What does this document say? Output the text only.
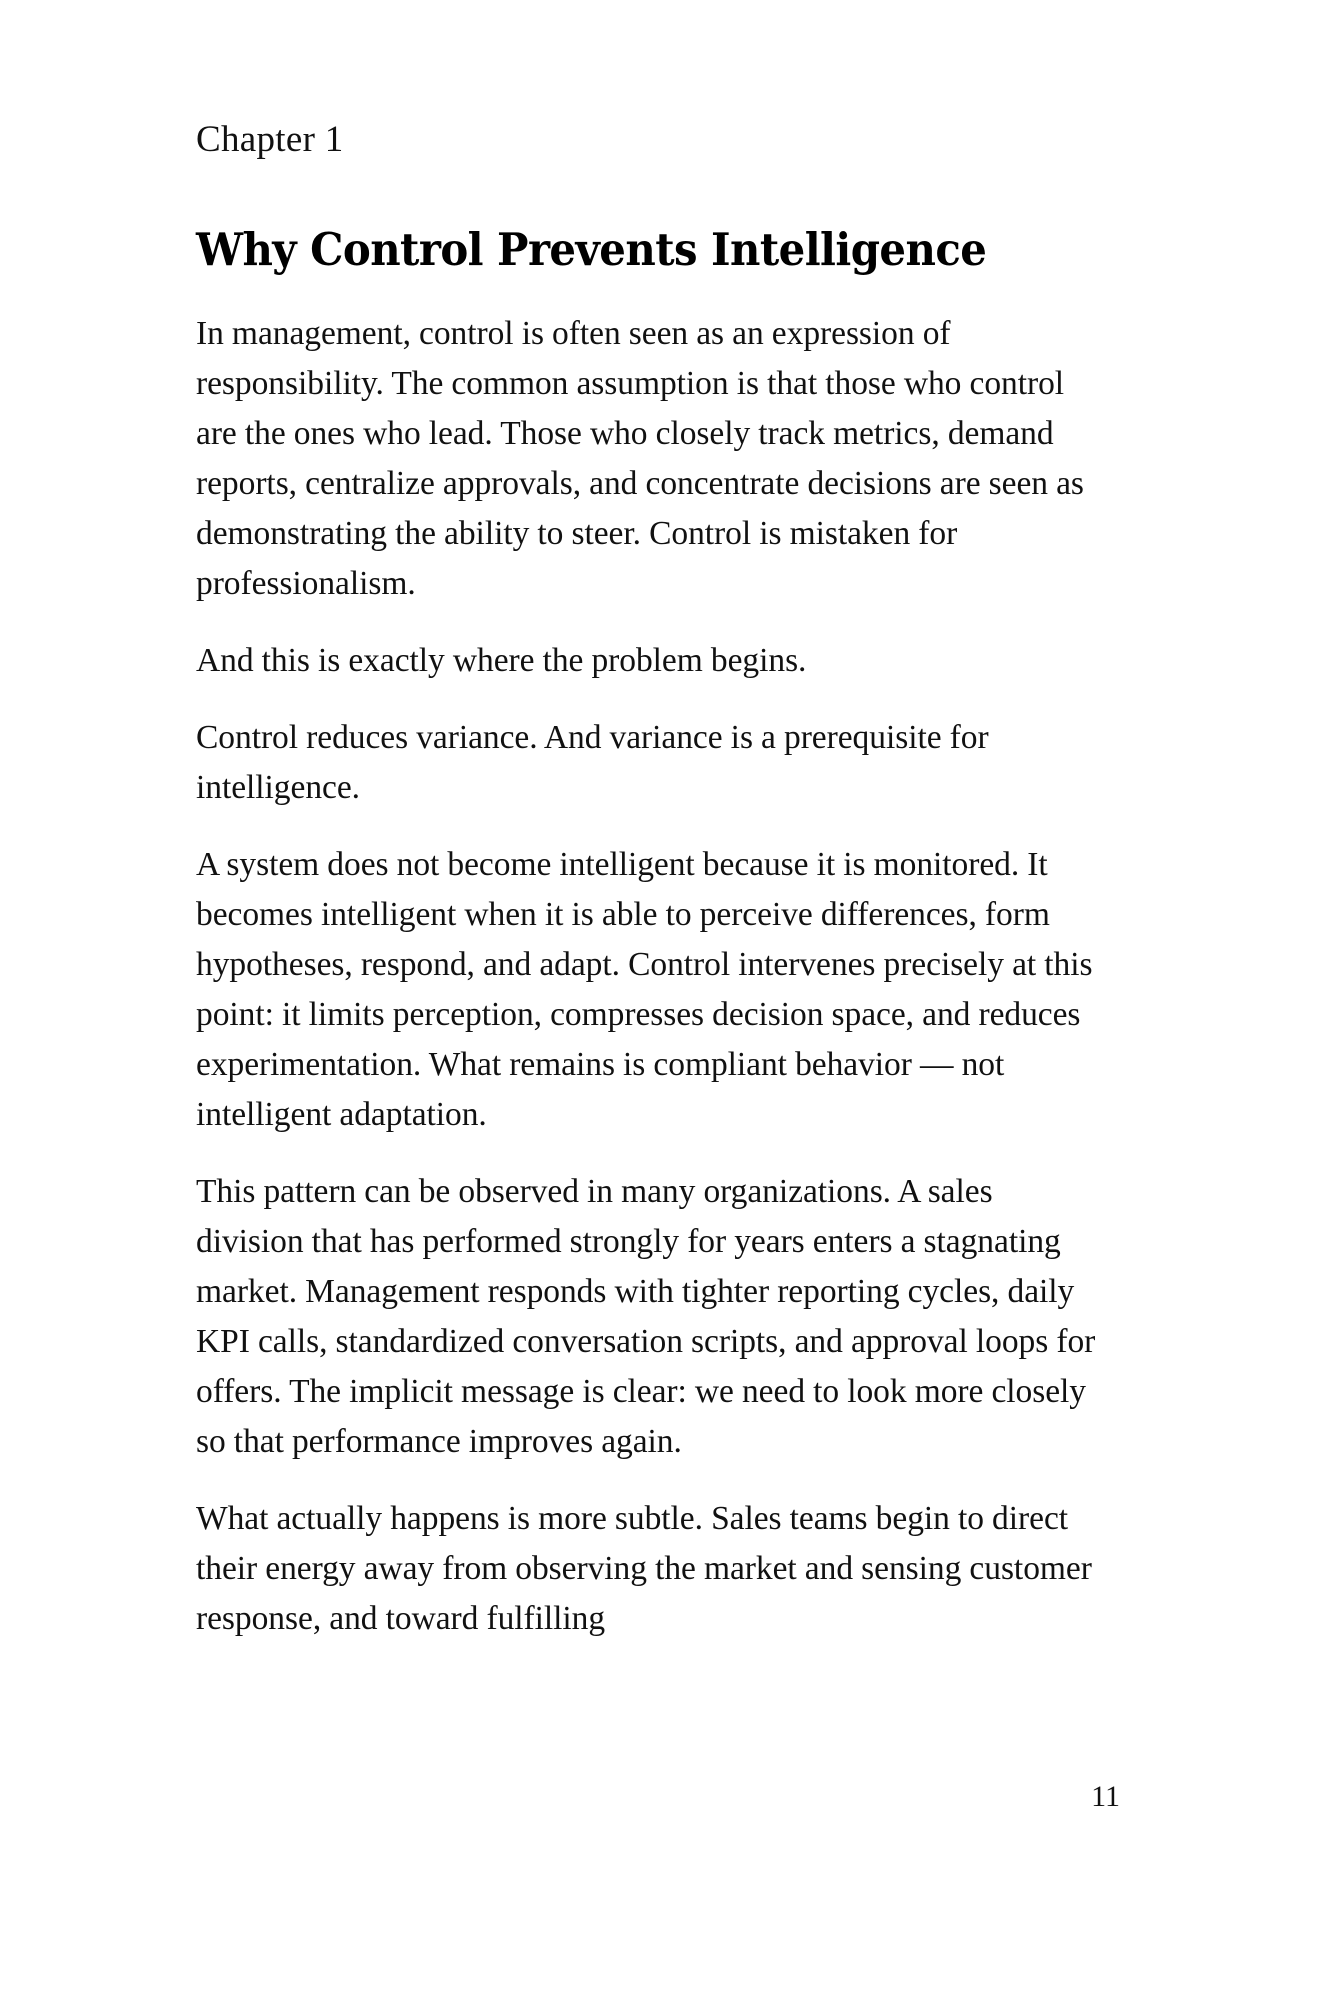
Chapter 1
Why Control Prevents Intelligence

In management, control is often seen as an expression of responsibility. The common assumption is that those who control are the ones who lead. Those who closely track metrics, demand reports, centralize approvals, and concentrate decisions are seen as demonstrating the ability to steer. Control is mistaken for professionalism.

And this is exactly where the problem begins.

Control reduces variance. And variance is a prerequisite for intelligence.

A system does not become intelligent because it is monitored. It becomes intelligent when it is able to perceive differences, form hypotheses, respond, and adapt. Control intervenes precisely at this point: it limits perception, compresses decision space, and reduces experimentation. What remains is compliant behavior — not intelligent adaptation.

This pattern can be observed in many organizations. A sales division that has performed strongly for years enters a stagnating market. Management responds with tighter reporting cycles, daily KPI calls, standardized conversation scripts, and approval loops for offers. The implicit message is clear: we need to look more closely so that performance improves again.

What actually happens is more subtle. Sales teams begin to direct their energy away from observing the market and sensing customer response, and toward fulfilling

11
